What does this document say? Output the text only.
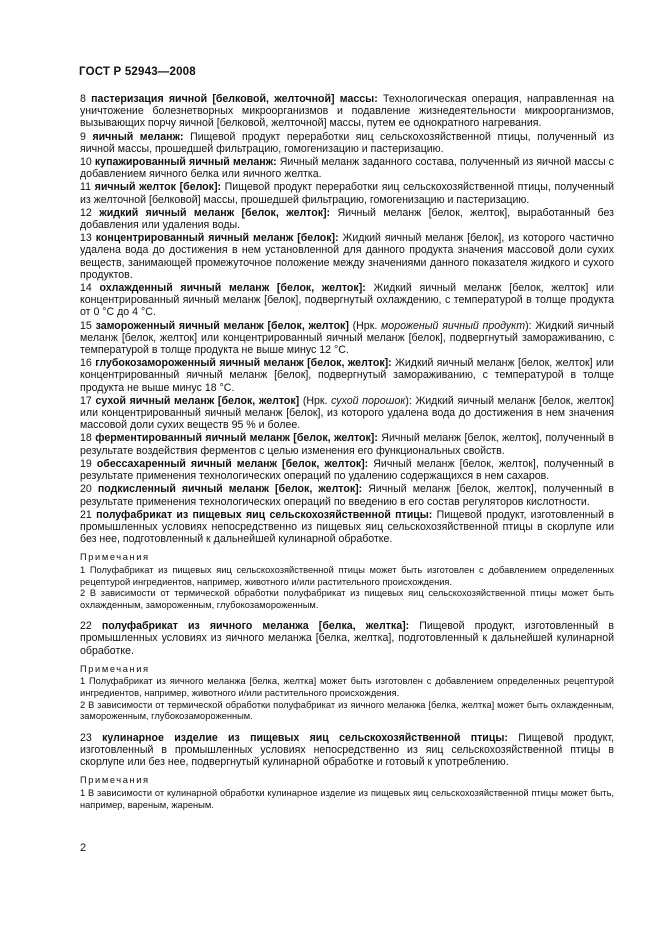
ГОСТ Р 52943—2008

8 пастеризация яичной [белковой, желточной] массы: Технологическая операция, направленная на уничтожение болезнетворных микроорганизмов и подавление жизнедеятельности микроорганизмов, вызывающих порчу яичной [белковой, желточной] массы, путем ее однократного нагревания.

9 яичный меланж: Пищевой продукт переработки яиц сельскохозяйственной птицы, полученный из яичной массы, прошедшей фильтрацию, гомогенизацию и пастеризацию.

10 купажированный яичный меланж: Яичный меланж заданного состава, полученный из яичной массы с добавлением яичного белка или яичного желтка.

11 яичный желток [белок]: Пищевой продукт переработки яиц сельскохозяйственной птицы, полученный из желточной [белковой] массы, прошедшей фильтрацию, гомогенизацию и пастеризацию.

12 жидкий яичный меланж [белок, желток]: Яичный меланж [белок, желток], выработанный без добавления или удаления воды.

13 концентрированный яичный меланж [белок]: Жидкий яичный меланж [белок], из которого частично удалена вода до достижения в нем установленной для данного продукта значения массовой доли сухих веществ, занимающей промежуточное положение между значениями данного показателя жидкого и сухого продуктов.

14 охлажденный яичный меланж [белок, желток]: Жидкий яичный меланж [белок, желток] или концентрированный яичный меланж [белок], подвергнутый охлаждению, с температурой в толще продукта от 0 °С до 4 °С.

15 замороженный яичный меланж [белок, желток] (Нрк. мороженый яичный продукт): Жидкий яичный меланж [белок, желток] или концентрированный яичный меланж [белок], подвергнутый замораживанию, с температурой в толще продукта не выше минус 12 °С.

16 глубокозамороженный яичный меланж [белок, желток]: Жидкий яичный меланж [белок, желток] или концентрированный яичный меланж [белок], подвергнутый замораживанию, с температурой в толще продукта не выше минус 18 °С.

17 сухой яичный меланж [белок, желток] (Нрк. сухой порошок): Жидкий яичный меланж [белок, желток] или концентрированный яичный меланж [белок], из которого удалена вода до достижения в нем значения массовой доли сухих веществ 95 % и более.

18 ферментированный яичный меланж [белок, желток]: Яичный меланж [белок, желток], полученный в результате воздействия ферментов с целью изменения его функциональных свойств.

19 обессахаренный яичный меланж [белок, желток]: Яичный меланж [белок, желток], полученный в результате применения технологических операций по удалению содержащихся в нем сахаров.

20 подкисленный яичный меланж [белок, желток]: Яичный меланж [белок, желток], полученный в результате применения технологических операций по введению в его состав регуляторов кислотности.

21 полуфабрикат из пищевых яиц сельскохозяйственной птицы: Пищевой продукт, изготовленный в промышленных условиях непосредственно из пищевых яиц сельскохозяйственной птицы в скорлупе или без нее, подготовленный к дальнейшей кулинарной обработке.

Примечания
1 Полуфабрикат из пищевых яиц сельскохозяйственной птицы может быть изготовлен с добавлением определенных рецептурой ингредиентов, например, животного и/или растительного происхождения.
2 В зависимости от термической обработки полуфабрикат из пищевых яиц сельскохозяйственной птицы может быть охлажденным, замороженным, глубокозамороженным.

22 полуфабрикат из яичного меланжа [белка, желтка]: Пищевой продукт, изготовленный в промышленных условиях из яичного меланжа [белка, желтка], подготовленный к дальнейшей кулинарной обработке.

Примечания
1 Полуфабрикат из яичного меланжа [белка, желтка] может быть изготовлен с добавлением определенных рецептурой ингредиентов, например, животного и/или растительного происхождения.
2 В зависимости от термической обработки полуфабрикат из яичного меланжа [белка, желтка] может быть охлажденным, замороженным, глубокозамороженным.

23 кулинарное изделие из пищевых яиц сельскохозяйственной птицы: Пищевой продукт, изготовленный в промышленных условиях непосредственно из яиц сельскохозяйственной птицы в скорлупе или без нее, подвергнутый кулинарной обработке и готовый к употреблению.

Примечания
1 В зависимости от кулинарной обработки кулинарное изделие из пищевых яиц сельскохозяйственной птицы может быть, например, вареным, жареным.
2
